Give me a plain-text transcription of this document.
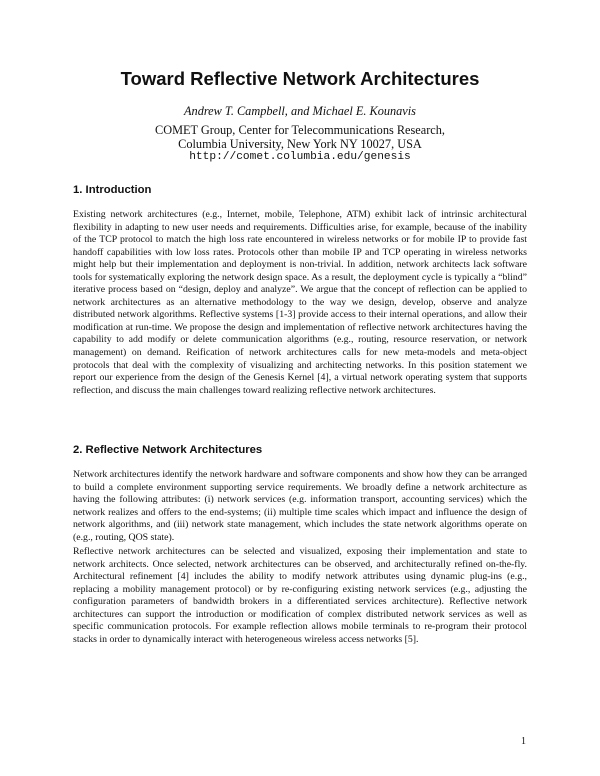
Toward Reflective Network Architectures
Andrew T. Campbell, and Michael E. Kounavis
COMET Group, Center for Telecommunications Research,
Columbia University, New York NY 10027, USA
http://comet.columbia.edu/genesis
1. Introduction

Existing network architectures (e.g., Internet, mobile, Telephone, ATM) exhibit lack of intrinsic architectural flexibility in adapting to new user needs and requirements. Difficulties arise, for example, because of the inability of the TCP protocol to match the high loss rate encountered in wireless networks or for mobile IP to provide fast handoff capabilities with low loss rates. Protocols other than mobile IP and TCP operating in wireless networks might help but their implementation and deployment is non-trivial. In addition, network architects lack software tools for systematically exploring the network design space. As a result, the deployment cycle is typically a “blind” iterative process based on “design, deploy and analyze”. We argue that the concept of reflection can be applied to network architectures as an alternative methodology to the way we design, develop, observe and analyze distributed network algorithms. Reflective systems [1-3] provide access to their internal operations, and allow their modification at run-time. We propose the design and implementation of reflective network architectures having the capability to add modify or delete communication algorithms (e.g., routing, resource reservation, or network management) on demand. Reification of network architectures calls for new meta-models and meta-object protocols that deal with the complexity of visualizing and architecting networks. In this position statement we report our experience from the design of the Genesis Kernel [4], a virtual network operating system that supports reflection, and discuss the main challenges toward realizing reflective network architectures.

2. Reflective Network Architectures

Network architectures identify the network hardware and software components and show how they can be arranged to build a complete environment supporting service requirements. We broadly define a network architecture as having the following attributes: (i) network services (e.g. information transport, accounting services) which the network realizes and offers to the end-systems; (ii) multiple time scales which impact and influence the design of network algorithms, and (iii) network state management, which includes the state network algorithms operate on (e.g., routing, QOS state).

Reflective network architectures can be selected and visualized, exposing their implementation and state to network architects. Once selected, network architectures can be observed, and architecturally refined on-the-fly. Architectural refinement [4] includes the ability to modify network attributes using dynamic plug-ins (e.g., replacing a mobility management protocol) or by re-configuring existing network services (e.g., adjusting the configuration parameters of bandwidth brokers in a differentiated services architecture). Reflective network architectures can support the introduction or modification of complex distributed network services as well as specific communication protocols. For example reflection allows mobile terminals to re-program their protocol stacks in order to dynamically interact with heterogeneous wireless access networks [5].

1
